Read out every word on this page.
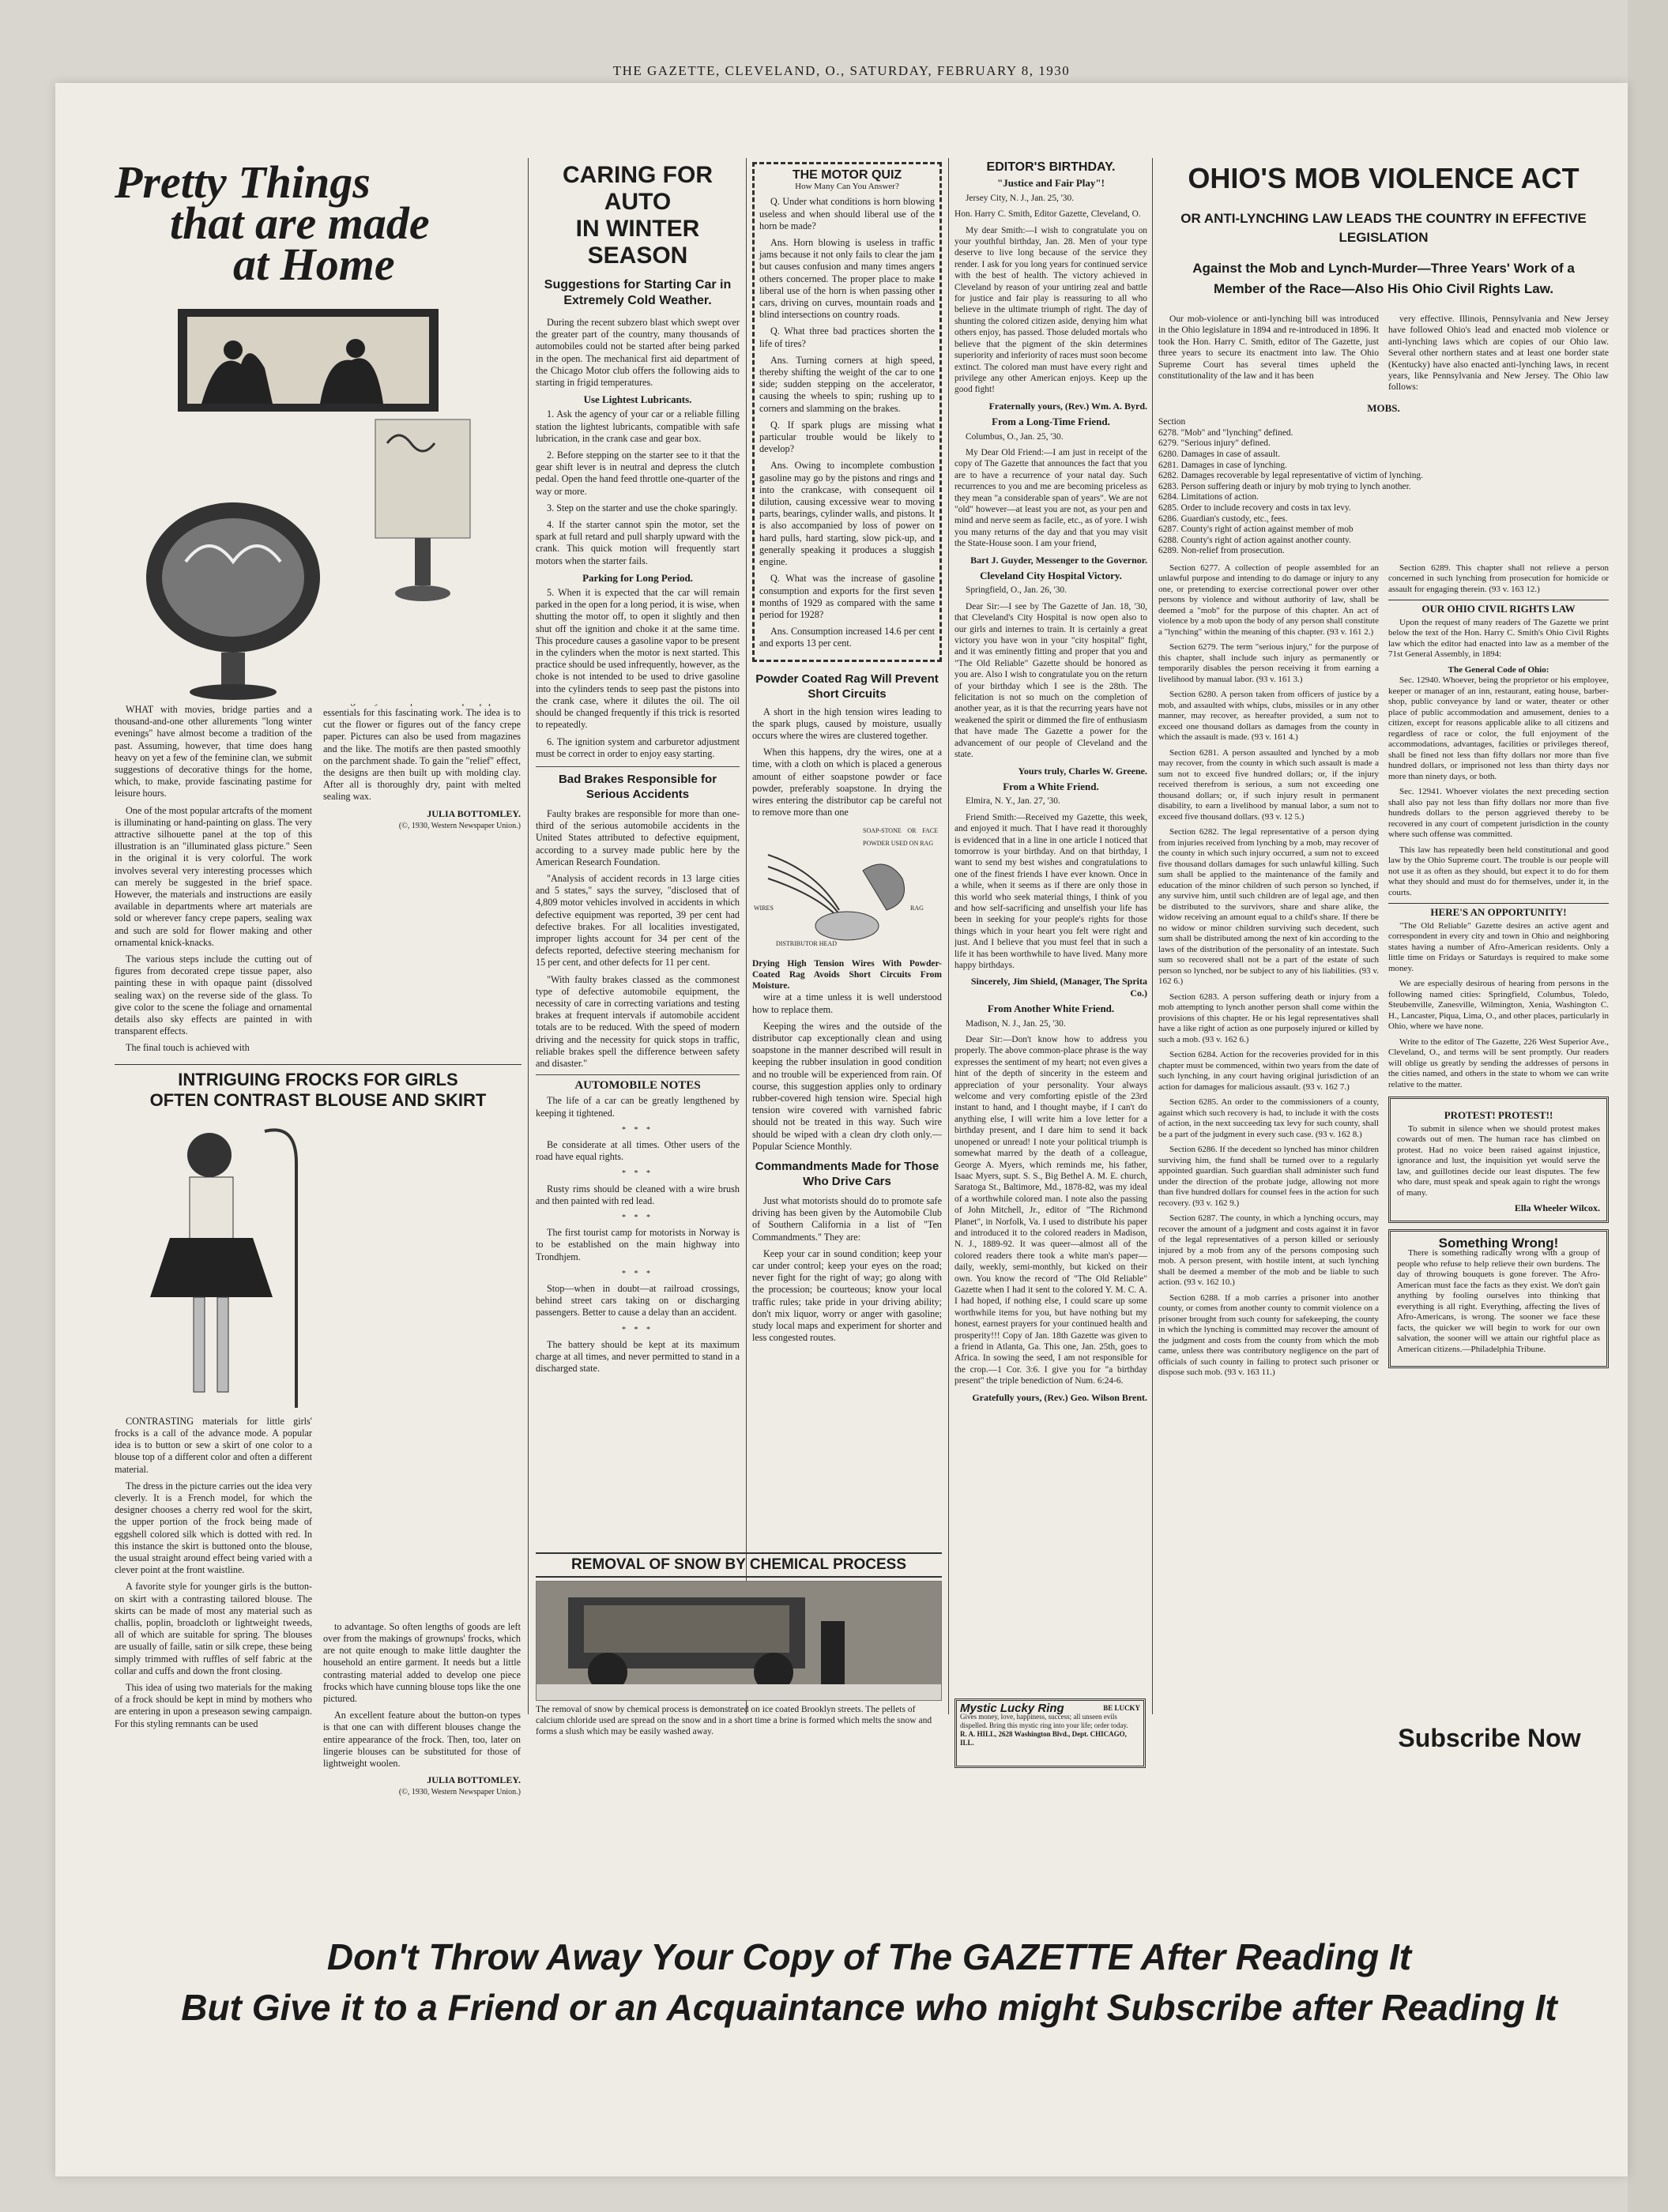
THE GAZETTE, CLEVELAND, O., SATURDAY, FEBRUARY 8, 1930
Pretty Things
that are made
at Home

WHAT with movies, bridge parties and a thousand-and-one other allurements "long winter evenings" have almost become a tradition of the past. Assuming, however, that time does hang heavy on yet a few of the feminine clan, we submit suggestions of decorative things for the home, which, to make, provide fascinating pastime for leisure hours.

One of the most popular artcrafts of the moment is illuminating or hand-painting on glass. The very attractive silhouette panel at the top of this illustration is an "illuminated glass picture." Seen in the original it is very colorful. The work involves several very interesting processes which can merely be suggested in the brief space. However, the materials and instructions are easily available in departments where art materials are sold or wherever fancy crepe papers, sealing wax and such are sold for flower making and other ornamental knick-knacks.

The various steps include the cutting out of figures from decorated crepe tissue paper, also painting these in with opaque paint (dissolved sealing wax) on the reverse side of the glass. To give color to the scene the foliage and ornamental details also sky effects are painted in with transparent effects.

The final touch is achieved with

essentials for this fascinating work. The idea is to cut the flower or figures out of the fancy crepe paper. Pictures can also be used from magazines and the like. The motifs are then pasted smoothly on the parchment shade. To gain the "relief" effect, the designs are then built up with molding clay. After all is thoroughly dry, paint with melted sealing wax.

JULIA BOTTOMLEY.
(©, 1930, Western Newspaper Union.)
INTRIGUING FROCKS FOR GIRLS
OFTEN CONTRAST BLOUSE AND SKIRT

CONTRASTING materials for little girls' frocks is a call of the advance mode. A popular idea is to button or sew a skirt of one color to a blouse top of a different color and often a different material.

The dress in the picture carries out the idea very cleverly. It is a French model, for which the designer chooses a cherry red wool for the skirt, the upper portion of the frock being made of eggshell colored silk which is dotted with red. In this instance the skirt is buttoned onto the blouse, the usual straight around effect being varied with a clever point at the front waistline.

A favorite style for younger girls is the button-on skirt with a contrasting tailored blouse. The skirts can be made of most any material such as challis, poplin, broadcloth or lightweight tweeds, all of which are suitable for spring. The blouses are usually of faille, satin or silk crepe, these being simply trimmed with ruffles of self fabric at the collar and cuffs and down the front closing.

This idea of using two materials for the making of a frock should be kept in mind by mothers who are entering in upon a preseason sewing campaign. For this styling remnants can be used

to advantage. So often lengths of goods are left over from the makings of grownups' frocks, which are not quite enough to make little daughter the household an entire garment. It needs but a little contrasting material added to develop one piece frocks which have cunning blouse tops like the one pictured.

An excellent feature about the button-on types is that one can with different blouses change the entire appearance of the frock. Then, too, later on lingerie blouses can be substituted for those of lightweight woolen.

JULIA BOTTOMLEY.
(©, 1930, Western Newspaper Union.)
CARING FOR AUTO
IN WINTER SEASON
Suggestions for Starting Car in Extremely Cold Weather.

During the recent subzero blast which swept over the greater part of the country, many thousands of automobiles could not be started after being parked in the open. The mechanical first aid department of the Chicago Motor club offers the following aids to starting in frigid temperatures.

Use Lightest Lubricants.

1. Ask the agency of your car or a reliable filling station the lightest lubricants, compatible with safe lubrication, in the crank case and gear box.

2. Before stepping on the starter see to it that the gear shift lever is in neutral and depress the clutch pedal. Open the hand feed throttle one-quarter of the way or more.

3. Step on the starter and use the choke sparingly.

4. If the starter cannot spin the motor, set the spark at full retard and pull sharply upward with the crank. This quick motion will frequently start motors when the starter fails.

Parking for Long Period.

5. When it is expected that the car will remain parked in the open for a long period, it is wise, when shutting the motor off, to open it slightly and then shut off the ignition and choke it at the same time. This procedure causes a gasoline vapor to be present in the cylinders when the motor is next started. This practice should be used infrequently, however, as the choke is not intended to be used to drive gasoline into the cylinders tends to seep past the pistons into the crank case, where it dilutes the oil. The oil should be changed frequently if this trick is resorted to repeatedly.

6. The ignition system and carburetor adjustment must be correct in order to enjoy easy starting.

Bad Brakes Responsible for Serious Accidents

Faulty brakes are responsible for more than one-third of the serious automobile accidents in the United States attributed to defective equipment, according to a survey made public here by the American Research Foundation.

"Analysis of accident records in 13 large cities and 5 states," says the survey, "disclosed that of 4,809 motor vehicles involved in accidents in which defective equipment was reported, 39 per cent had defective brakes. For all localities investigated, improper lights account for 34 per cent of the defects reported, defective steering mechanism for 15 per cent, and other defects for 11 per cent.

"With faulty brakes classed as the commonest type of defective automobile equipment, the necessity of care in correcting variations and testing brakes at frequent intervals if automobile accident totals are to be reduced. With the speed of modern driving and the necessity for quick stops in traffic, reliable brakes spell the difference between safety and disaster."

AUTOMOBILE NOTES

The life of a car can be greatly lengthened by keeping it tightened.

* * *

Be considerate at all times. Other users of the road have equal rights.

* * *

Rusty rims should be cleaned with a wire brush and then painted with red lead.

* * *

The first tourist camp for motorists in Norway is to be established on the main highway into Trondhjem.

* * *

Stop—when in doubt—at railroad crossings, behind street cars taking on or discharging passengers. Better to cause a delay than an accident.

* * *

The battery should be kept at its maximum charge at all times, and never permitted to stand in a discharged state.

THE MOTOR QUIZ
How Many Can You Answer?

Q. Under what conditions is horn blowing useless and when should liberal use of the horn be made?

Ans. Horn blowing is useless in traffic jams because it not only fails to clear the jam but causes confusion and many times angers others concerned. The proper place to make liberal use of the horn is when passing other cars, driving on curves, mountain roads and blind intersections on country roads.

Q. What three bad practices shorten the life of tires?

Ans. Turning corners at high speed, thereby shifting the weight of the car to one side; sudden stepping on the accelerator, causing the wheels to spin; rushing up to corners and slamming on the brakes.

Q. If spark plugs are missing what particular trouble would be likely to develop?

Ans. Owing to incomplete combustion gasoline may go by the pistons and rings and into the crankcase, with consequent oil dilution, causing excessive wear to moving parts, bearings, cylinder walls, and pistons. It is also accompanied by loss of power on hard pulls, hard starting, slow pick-up, and generally speaking it produces a sluggish engine.

Q. What was the increase of gasoline consumption and exports for the first seven months of 1929 as compared with the same period for 1928?

Ans. Consumption increased 14.6 per cent and exports 13 per cent.

Powder Coated Rag Will Prevent Short Circuits

A short in the high tension wires leading to the spark plugs, caused by moisture, usually occurs where the wires are clustered together.

When this happens, dry the wires, one at a time, with a cloth on which is placed a generous amount of either soapstone powder or face powder, preferably soapstone. In drying the wires entering the distributor cap be careful not to remove more than one

SOAP-STONE OR FACE POWDER USED ON RAG
WIRES	RAG
DISTRIBUTOR HEAD
Drying High Tension Wires With Powder-Coated Rag Avoids Short Circuits From Moisture.

wire at a time unless it is well understood how to replace them.

Keeping the wires and the outside of the distributor cap exceptionally clean and using soapstone in the manner described will result in keeping the rubber insulation in good condition and no trouble will be experienced from rain. Of course, this suggestion applies only to ordinary rubber-covered high tension wire. Special high tension wire covered with varnished fabric should not be treated in this way. Such wire should be wiped with a clean dry cloth only.—Popular Science Monthly.

Commandments Made for Those Who Drive Cars

Just what motorists should do to promote safe driving has been given by the Automobile Club of Southern California in a list of "Ten Commandments." They are:

Keep your car in sound condition; keep your car under control; keep your eyes on the road; never fight for the right of way; go along with the procession; be courteous; know your local traffic rules; take pride in your driving ability; don't mix liquor, worry or anger with gasoline; study local maps and experiment for shorter and less congested routes.

REMOVAL OF SNOW BY CHEMICAL PROCESS
The removal of snow by chemical process is demonstrated on ice coated Brooklyn streets. The pellets of calcium chloride used are spread on the snow and in a short time a brine is formed which melts the snow and forms a slush which may be easily washed away.
EDITOR'S BIRTHDAY.
"Justice and Fair Play"!

Jersey City, N. J., Jan. 25, '30.

Hon. Harry C. Smith, Editor Gazette, Cleveland, O.

My dear Smith:—I wish to congratulate you on your youthful birthday, Jan. 28. Men of your type deserve to live long because of the service they render. I ask for you long years for continued service with the best of health. The victory achieved in Cleveland by reason of your untiring zeal and battle for justice and fair play is reassuring to all who believe in the ultimate triumph of right. The day of shunting the colored citizen aside, denying him what others enjoy, has passed. Those deluded mortals who believe that the pigment of the skin determines superiority and inferiority of races must soon become extinct. The colored man must have every right and privilege any other American enjoys. Keep up the good fight!

Fraternally yours, (Rev.) Wm. A. Byrd.
From a Long-Time Friend.

Columbus, O., Jan. 25, '30.

My Dear Old Friend:—I am just in receipt of the copy of The Gazette that announces the fact that you are to have a recurrence of your natal day. Such recurrences to you and me are becoming priceless as they mean "a considerable span of years". We are not "old" however—at least you are not, as your pen and mind and nerve seem as facile, etc., as of yore. I wish you many returns of the day and that you may visit the State-House soon. I am your friend,

Bart J. Guyder, Messenger to the Governor.
Cleveland City Hospital Victory.

Springfield, O., Jan. 26, '30.

Dear Sir:—I see by The Gazette of Jan. 18, '30, that Cleveland's City Hospital is now open also to our girls and internes to train. It is certainly a great victory you have won in your "city hospital" fight, and it was eminently fitting and proper that you and "The Old Reliable" Gazette should be honored as you are. Also I wish to congratulate you on the return of your birthday which I see is the 28th. The felicitation is not so much on the completion of another year, as it is that the recurring years have not weakened the spirit or dimmed the fire of enthusiasm that have made The Gazette a power for the advancement of our people of Cleveland and the state.

Yours truly, Charles W. Greene.
From a White Friend.

Elmira, N. Y., Jan. 27, '30.

Friend Smith:—Received my Gazette, this week, and enjoyed it much. That I have read it thoroughly is evidenced that in a line in one article I noticed that tomorrow is your birthday. And on that birthday, I want to send my best wishes and congratulations to one of the finest friends I have ever known. Once in a while, when it seems as if there are only those in this world who seek material things, I think of you and how self-sacrificing and unselfish your life has been in seeking for your people's rights for those things which in your heart you felt were right and just. And I believe that you must feel that in such a life it has been worthwhile to have lived. Many more happy birthdays.

Sincerely, Jim Shield, (Manager, The Sprita Co.)
From Another White Friend.

Madison, N. J., Jan. 25, '30.

Dear Sir:—Don't know how to address you properly. The above common-place phrase is the way expresses the sentiment of my heart; not even gives a hint of the depth of sincerity in the esteem and appreciation of your personality. Your always welcome and very comforting epistle of the 23rd instant to hand, and I thought maybe, if I can't do anything else, I will write him a love letter for a birthday present, and I dare him to send it back unopened or unread! I note your political triumph is somewhat marred by the death of a colleague, George A. Myers, which reminds me, his father, Isaac Myers, supt. S. S., Big Bethel A. M. E. church, Saratoga St., Baltimore, Md., 1878-82, was my ideal of a worthwhile colored man. I note also the passing of John Mitchell, Jr., editor of "The Richmond Planet", in Norfolk, Va. I used to distribute his paper and introduced it to the colored readers in Madison, N. J., 1889-92. It was queer—almost all of the colored readers there took a white man's paper—daily, weekly, semi-monthly, but kicked on their own. You know the record of "The Old Reliable" Gazette when I had it sent to the colored Y. M. C. A. I had hoped, if nothing else, I could scare up some worthwhile items for you, but have nothing but my honest, earnest prayers for your continued health and prosperity!!! Copy of Jan. 18th Gazette was given to a friend in Atlanta, Ga. This one, Jan. 25th, goes to Africa. In sowing the seed, I am not responsible for the crop.—1 Cor. 3:6. I give you for "a birthday present" the triple benediction of Num. 6:24-6.

Gratefully yours, (Rev.) Geo. Wilson Brent.
Mystic Lucky Ring	BE LUCKY
Gives money, love, happiness, success; all unseen evils dispelled. Bring this mystic ring into your life; order today.
R. A. HILL, 2628 Washington Blvd., Dept. CHICAGO, ILL.
OHIO'S MOB VIOLENCE ACT
OR ANTI-LYNCHING LAW LEADS THE COUNTRY IN EFFECTIVE LEGISLATION
Against the Mob and Lynch-Murder—Three Years' Work of a Member of the Race—Also His Ohio Civil Rights Law.

Our mob-violence or anti-lynching bill was introduced in the Ohio legislature in 1894 and re-introduced in 1896. It took the Hon. Harry C. Smith, editor of The Gazette, just three years to secure its enactment into law. The Ohio Supreme Court has several times upheld the constitutionality of the law and it has been

very effective. Illinois, Pennsylvania and New Jersey have followed Ohio's lead and enacted mob violence or anti-lynching laws which are copies of our Ohio law. Several other northern states and at least one border state (Kentucky) have also enacted anti-lynching laws, in recent years, like Pennsylvania and New Jersey. The Ohio law follows:

MOBS.
Section
6278. "Mob" and "lynching" defined.
6279. "Serious injury" defined.
6280. Damages in case of assault.
6281. Damages in case of lynching.
6282. Damages recoverable by legal representative of victim of lynching.
6283. Person suffering death or injury by mob trying to lynch another.
6284. Limitations of action.
6285. Order to include recovery and costs in tax levy.
6286. Guardian's custody, etc., fees.
6287. County's right of action against member of mob
6288. County's right of action against another county.
6289. Non-relief from prosecution.

Section 6277. A collection of people assembled for an unlawful purpose and intending to do damage or injury to any one, or pretending to exercise correctional power over other persons by violence and without authority of law, shall be deemed a "mob" for the purpose of this chapter. An act of violence by a mob upon the body of any person shall constitute a "lynching" within the meaning of this chapter. (93 v. 161 2.)

Section 6279. The term "serious injury," for the purpose of this chapter, shall include such injury as permanently or temporarily disables the person receiving it from earning a livelihood by manual labor. (93 v. 161 3.)

Section 6280. A person taken from officers of justice by a mob, and assaulted with whips, clubs, missiles or in any other manner, may recover, as hereafter provided, a sum not to exceed one thousand dollars as damages from the county in which the assault is made. (93 v. 161 4.)

Section 6281. A person assaulted and lynched by a mob may recover, from the county in which such assault is made a sum not to exceed five hundred dollars; or, if the injury received therefrom is serious, a sum not exceeding one thousand dollars; or, if such injury result in permanent disability, to earn a livelihood by manual labor, a sum not to exceed five thousand dollars. (93 v. 12 5.)

Section 6282. The legal representative of a person dying from injuries received from lynching by a mob, may recover of the county in which such injury occurred, a sum not to exceed five thousand dollars damages for such unlawful killing. Such sum shall be applied to the maintenance of the family and education of the minor children of such person so lynched, if any survive him, until such children are of legal age, and then be distributed to the survivors, share and share alike, the widow receiving an amount equal to a child's share. If there be no widow or minor children surviving such decedent, such sum shall be distributed among the next of kin according to the laws of the distribution of the personality of an intestate. Such sum so recovered shall not be a part of the estate of such person so lynched, nor be subject to any of his liabilities. (93 v. 162 6.)

Section 6283. A person suffering death or injury from a mob attempting to lynch another person shall come within the provisions of this chapter. He or his legal representatives shall have a like right of action as one purposely injured or killed by such a mob. (93 v. 162 6.)

Section 6284. Action for the recoveries provided for in this chapter must be commenced, within two years from the date of such lynching, in any court having original jurisdiction of an action for damages for malicious assault. (93 v. 162 7.)

Section 6285. An order to the commissioners of a county, against which such recovery is had, to include it with the costs of action, in the next succeeding tax levy for such county, shall be a part of the judgment in every such case. (93 v. 162 8.)

Section 6286. If the decedent so lynched has minor children surviving him, the fund shall be turned over to a regularly appointed guardian. Such guardian shall administer such fund under the direction of the probate judge, allowing not more than five hundred dollars for counsel fees in the action for such recovery. (93 v. 162 9.)

Section 6287. The county, in which a lynching occurs, may recover the amount of a judgment and costs against it in favor of the legal representatives of a person killed or seriously injured by a mob from any of the persons composing such mob. A person present, with hostile intent, at such lynching shall be deemed a member of the mob and be liable to such action. (93 v. 162 10.)

Section 6288. If a mob carries a prisoner into another county, or comes from another county to commit violence on a prisoner brought from such county for safekeeping, the county in which the lynching is committed may recover the amount of the judgment and costs from the county from which the mob came, unless there was contributory negligence on the part of officials of such county in failing to protect such prisoner or dispose such mob. (93 v. 163 11.)

Section 6289. This chapter shall not relieve a person concerned in such lynching from prosecution for homicide or assault for engaging therein. (93 v. 163 12.)

OUR OHIO CIVIL RIGHTS LAW

Upon the request of many readers of The Gazette we print below the text of the Hon. Harry C. Smith's Ohio Civil Rights law which the editor had enacted into law as a member of the 71st General Assembly, in 1894:

The General Code of Ohio:

Sec. 12940. Whoever, being the proprietor or his employee, keeper or manager of an inn, restaurant, eating house, barber-shop, public conveyance by land or water, theater or other place of public accommodation and amusement, denies to a citizen, except for reasons applicable alike to all citizens and regardless of race or color, the full enjoyment of the accommodations, advantages, facilities or privileges thereof, shall be fined not less than fifty dollars nor more than five hundred dollars, or imprisoned not less than thirty days nor more than ninety days, or both.

Sec. 12941. Whoever violates the next preceding section shall also pay not less than fifty dollars nor more than five hundreds dollars to the person aggrieved thereby to be recovered in any court of competent jurisdiction in the county where such offense was committed.

This law has repeatedly been held constitutional and good law by the Ohio Supreme court. The trouble is our people will not use it as often as they should, but expect it to do for them what they should and must do for themselves, under it, in the courts.

HERE'S AN OPPORTUNITY!

"The Old Reliable" Gazette desires an active agent and correspondent in every city and town in Ohio and neighboring states having a number of Afro-American residents. Only a little time on Fridays or Saturdays is required to make some money.

We are especially desirous of hearing from persons in the following named cities: Springfield, Columbus, Toledo, Steubenville, Zanesville, Wilmington, Xenia, Washington C. H., Lancaster, Piqua, Lima, O., and other places, particularly in Ohio, where we have none.

Write to the editor of The Gazette, 226 West Superior Ave., Cleveland, O., and terms will be sent promptly. Our readers will oblige us greatly by sending the addresses of persons in the cities named, and others in the state to whom we can write relative to the matter.

PROTEST! PROTEST!!

To submit in silence when we should protest makes cowards out of men. The human race has climbed on protest. Had no voice been raised against injustice, ignorance and lust, the inquisition yet would serve the law, and guillotines decide our least disputes. The few who dare, must speak and speak again to right the wrongs of many.

Ella Wheeler Wilcox.
Something Wrong!

There is something radically wrong with a group of people who refuse to help relieve their own burdens. The day of throwing bouquets is gone forever. The Afro-American must face the facts as they exist. We don't gain anything by fooling ourselves into thinking that everything is all right. Everything, affecting the lives of Afro-Americans, is wrong. The sooner we face these facts, the quicker we will begin to work for our own salvation, the sooner will we attain our rightful place as American citizens.—Philadelphia Tribune.

Subscribe Now
Don't Throw Away Your Copy of The GAZETTE After Reading It
But Give it to a Friend or an Acquaintance who might Subscribe after Reading It
